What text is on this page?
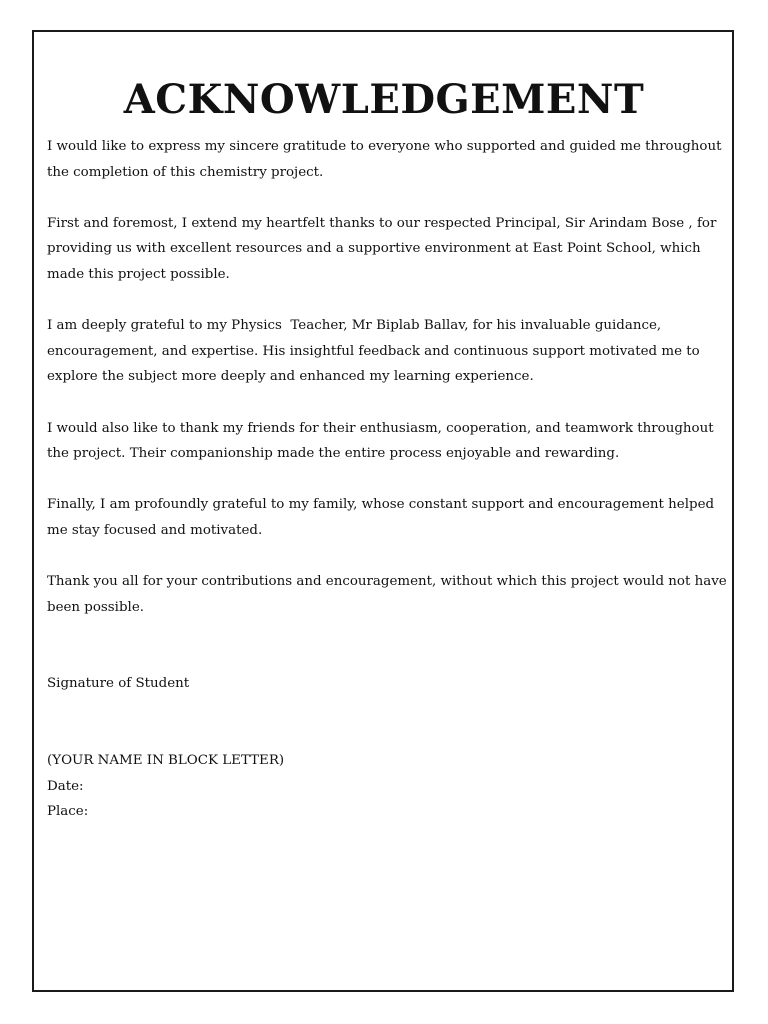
ACKNOWLEDGEMENT

I would like to express my sincere gratitude to everyone who supported and guided me throughout the completion of this chemistry project.

First and foremost, I extend my heartfelt thanks to our respected Principal, Sir Arindam Bose , for providing us with excellent resources and a supportive environment at East Point School, which made this project possible.

I am deeply grateful to my Physics  Teacher, Mr Biplab Ballav, for his invaluable guidance, encouragement, and expertise. His insightful feedback and continuous support motivated me to explore the subject more deeply and enhanced my learning experience.

I would also like to thank my friends for their enthusiasm, cooperation, and teamwork throughout the project. Their companionship made the entire process enjoyable and rewarding.

Finally, I am profoundly grateful to my family, whose constant support and encouragement helped me stay focused and motivated.

Thank you all for your contributions and encouragement, without which this project would not have been possible.

Signature of Student

(YOUR NAME IN BLOCK LETTER)

Date:

Place:
